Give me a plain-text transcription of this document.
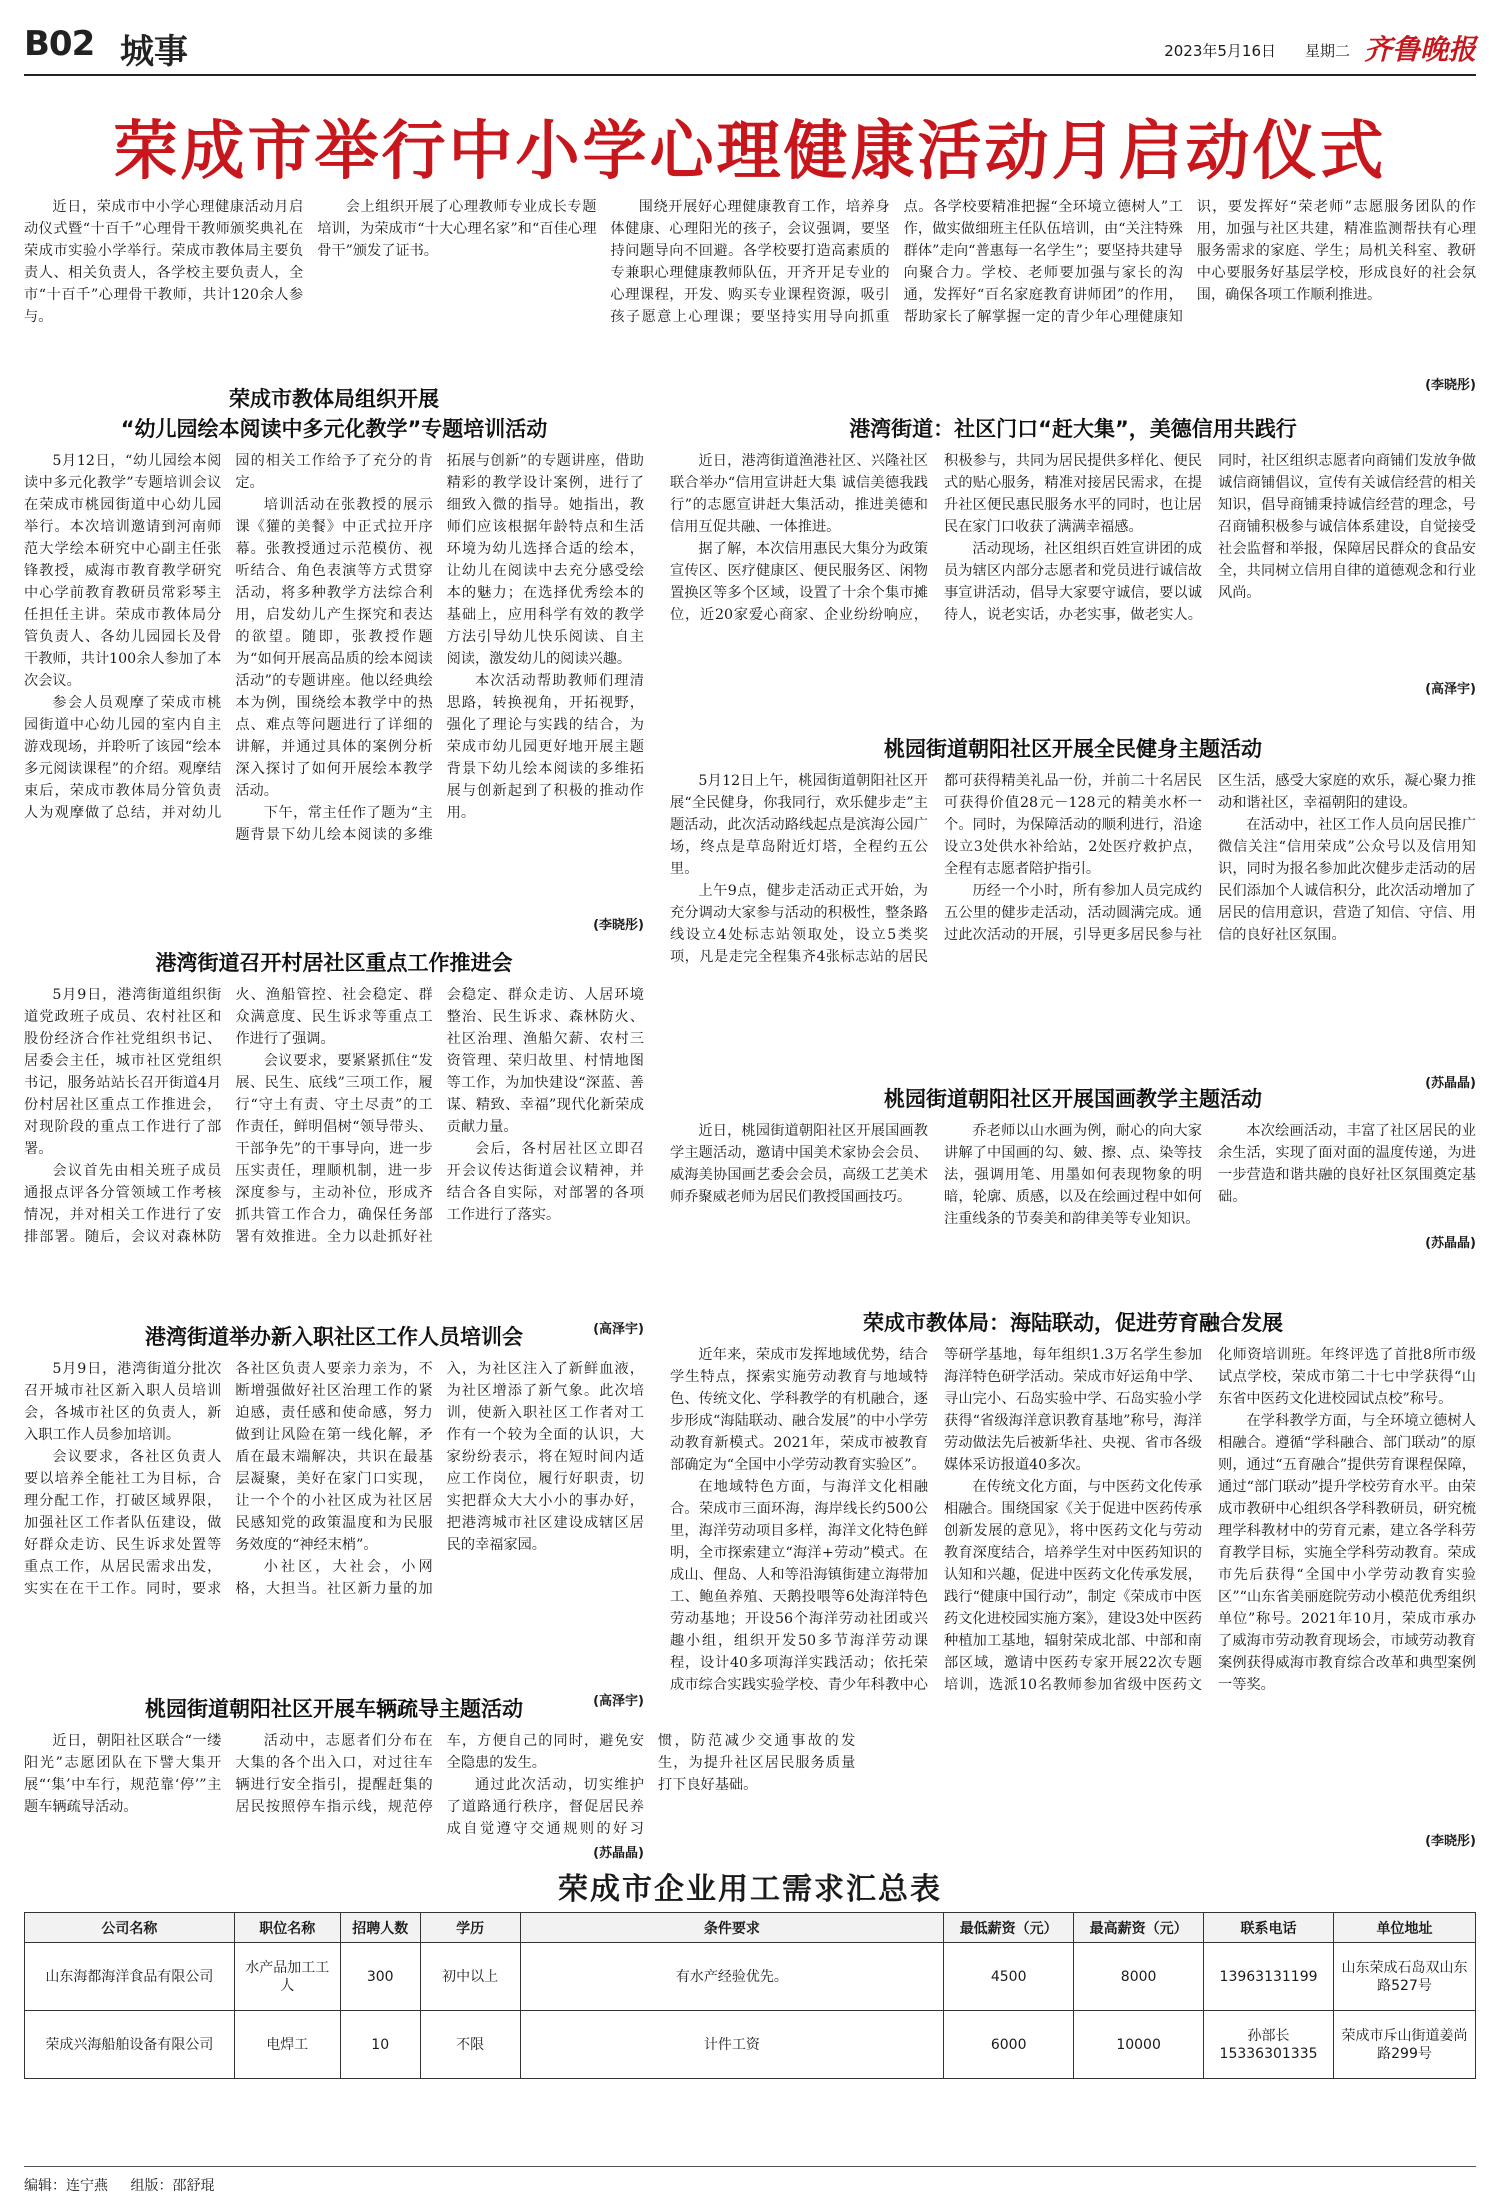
B02 城事	2023年5月16日 星期二 齐鲁晚报
荣成市举行中小学心理健康活动月启动仪式

近日，荣成市中小学心理健康活动月启动仪式暨“十百千”心理骨干教师颁奖典礼在荣成市实验小学举行。荣成市教体局主要负责人、相关负责人，各学校主要负责人，全市“十百千”心理骨干教师，共计120余人参与。

会上组织开展了心理教师专业成长专题培训，为荣成市“十大心理名家”和“百佳心理骨干”颁发了证书。

围绕开展好心理健康教育工作，培养身体健康、心理阳光的孩子，会议强调，要坚持问题导向不回避。各学校要打造高素质的专兼职心理健康教师队伍，开齐开足专业的心理课程，开发、购买专业课程资源，吸引孩子愿意上心理课；要坚持实用导向抓重点。各学校要精准把握“全环境立德树人”工作，做实做细班主任队伍培训，由“关注特殊群体”走向“普惠每一名学生”；要坚持共建导向聚合力。学校、老师要加强与家长的沟通，发挥好“百名家庭教育讲师团”的作用，帮助家长了解掌握一定的青少年心理健康知识，要发挥好“荣老师”志愿服务团队的作用，加强与社区共建，精准监测帮扶有心理服务需求的家庭、学生；局机关科室、教研中心要服务好基层学校，形成良好的社会氛围，确保各项工作顺利推进。

(李晓彤)
荣成市教体局组织开展
“幼儿园绘本阅读中多元化教学”专题培训活动

5月12日，“幼儿园绘本阅读中多元化教学”专题培训会议在荣成市桃园街道中心幼儿园举行。本次培训邀请到河南师范大学绘本研究中心副主任张锋教授，威海市教育教学研究中心学前教育教研员常彩琴主任担任主讲。荣成市教体局分管负责人、各幼儿园园长及骨干教师，共计100余人参加了本次会议。

参会人员观摩了荣成市桃园街道中心幼儿园的室内自主游戏现场，并聆听了该园“绘本多元阅读课程”的介绍。观摩结束后，荣成市教体局分管负责人为观摩做了总结，并对幼儿园的相关工作给予了充分的肯定。

培训活动在张教授的展示课《獾的美餐》中正式拉开序幕。张教授通过示范模仿、视听结合、角色表演等方式贯穿活动，将多种教学方法综合利用，启发幼儿产生探究和表达的欲望。随即，张教授作题为“如何开展高品质的绘本阅读活动”的专题讲座。他以经典绘本为例，围绕绘本教学中的热点、难点等问题进行了详细的讲解，并通过具体的案例分析深入探讨了如何开展绘本教学活动。

下午，常主任作了题为“主题背景下幼儿绘本阅读的多维拓展与创新”的专题讲座，借助精彩的教学设计案例，进行了细致入微的指导。她指出，教师们应该根据年龄特点和生活环境为幼儿选择合适的绘本，让幼儿在阅读中去充分感受绘本的魅力；在选择优秀绘本的基础上，应用科学有效的教学方法引导幼儿快乐阅读、自主阅读，激发幼儿的阅读兴趣。

本次活动帮助教师们理清思路，转换视角，开拓视野，强化了理论与实践的结合，为荣成市幼儿园更好地开展主题背景下幼儿绘本阅读的多维拓展与创新起到了积极的推动作用。

(李晓彤)
港湾街道召开村居社区重点工作推进会

5月9日，港湾街道组织街道党政班子成员、农村社区和股份经济合作社党组织书记、居委会主任，城市社区党组织书记，服务站站长召开街道4月份村居社区重点工作推进会，对现阶段的重点工作进行了部署。

会议首先由相关班子成员通报点评各分管领域工作考核情况，并对相关工作进行了安排部署。随后，会议对森林防火、渔船管控、社会稳定、群众满意度、民生诉求等重点工作进行了强调。

会议要求，要紧紧抓住“发展、民生、底线”三项工作，履行“守土有责、守土尽责”的工作责任，鲜明倡树“领导带头、干部争先”的干事导向，进一步压实责任，理顺机制，进一步深度参与，主动补位，形成齐抓共管工作合力，确保任务部署有效推进。全力以赴抓好社会稳定、群众走访、人居环境整治、民生诉求、森林防火、社区治理、渔船欠薪、农村三资管理、荣归故里、村情地图等工作，为加快建设“深蓝、善谋、精致、幸福”现代化新荣成贡献力量。

会后，各村居社区立即召开会议传达街道会议精神，并结合各自实际，对部署的各项工作进行了落实。

(高泽宇)
港湾街道举办新入职社区工作人员培训会

5月9日，港湾街道分批次召开城市社区新入职人员培训会，各城市社区的负责人，新入职工作人员参加培训。

会议要求，各社区负责人要以培养全能社工为目标，合理分配工作，打破区域界限，加强社区工作者队伍建设，做好群众走访、民生诉求处置等重点工作，从居民需求出发，实实在在干工作。同时，要求各社区负责人要亲力亲为，不断增强做好社区治理工作的紧迫感，责任感和使命感，努力做到让风险在第一线化解，矛盾在最末端解决，共识在最基层凝聚，美好在家门口实现，让一个个的小社区成为社区居民感知党的政策温度和为民服务效度的“神经末梢”。

小社区，大社会，小网格，大担当。社区新力量的加入，为社区注入了新鲜血液，为社区增添了新气象。此次培训，使新入职社区工作者对工作有一个较为全面的认识，大家纷纷表示，将在短时间内适应工作岗位，履行好职责，切实把群众大大小小的事办好，把港湾城市社区建设成辖区居民的幸福家园。

(高泽宇)
桃园街道朝阳社区开展车辆疏导主题活动

近日，朝阳社区联合“一缕阳光”志愿团队在下譬大集开展“‘集’中车行，规范靠‘停’”主题车辆疏导活动。

活动中，志愿者们分布在大集的各个出入口，对过往车辆进行安全指引，提醒赶集的居民按照停车指示线，规范停车，方便自己的同时，避免安全隐患的发生。

通过此次活动，切实维护了道路通行秩序，督促居民养成自觉遵守交通规则的好习惯，防范减少交通事故的发生，为提升社区居民服务质量打下良好基础。

(苏晶晶)
港湾街道：社区门口“赶大集”，美德信用共践行

近日，港湾街道渔港社区、兴隆社区联合举办“信用宣讲赶大集 诚信美德我践行”的志愿宣讲赶大集活动，推进美德和信用互促共融、一体推进。

据了解，本次信用惠民大集分为政策宣传区、医疗健康区、便民服务区、闲物置换区等多个区域，设置了十余个集市摊位，近20家爱心商家、企业纷纷响应，积极参与，共同为居民提供多样化、便民式的贴心服务，精准对接居民需求，在提升社区便民惠民服务水平的同时，也让居民在家门口收获了满满幸福感。

活动现场，社区组织百姓宣讲团的成员为辖区内部分志愿者和党员进行诚信故事宣讲活动，倡导大家要守诚信，要以诚待人，说老实话，办老实事，做老实人。同时，社区组织志愿者向商铺们发放争做诚信商铺倡议，宣传有关诚信经营的相关知识，倡导商铺秉持诚信经营的理念，号召商铺积极参与诚信体系建设，自觉接受社会监督和举报，保障居民群众的食品安全，共同树立信用自律的道德观念和行业风尚。

(高泽宇)
桃园街道朝阳社区开展全民健身主题活动

5月12日上午，桃园街道朝阳社区开展“全民健身，你我同行，欢乐健步走”主题活动，此次活动路线起点是滨海公园广场，终点是草岛附近灯塔，全程约五公里。

上午9点，健步走活动正式开始，为充分调动大家参与活动的积极性，整条路线设立4处标志站领取处，设立5类奖项，凡是走完全程集齐4张标志站的居民都可获得精美礼品一份，并前二十名居民可获得价值28元－128元的精美水杯一个。同时，为保障活动的顺利进行，沿途设立3处供水补给站，2处医疗救护点，全程有志愿者陪护指引。

历经一个小时，所有参加人员完成约五公里的健步走活动，活动圆满完成。通过此次活动的开展，引导更多居民参与社区生活，感受大家庭的欢乐，凝心聚力推动和谐社区，幸福朝阳的建设。

在活动中，社区工作人员向居民推广微信关注“信用荣成”公众号以及信用知识，同时为报名参加此次健步走活动的居民们添加个人诚信积分，此次活动增加了居民的信用意识，营造了知信、守信、用信的良好社区氛围。

(苏晶晶)
桃园街道朝阳社区开展国画教学主题活动

近日，桃园街道朝阳社区开展国画教学主题活动，邀请中国美术家协会会员、威海美协国画艺委会会员，高级工艺美术师乔聚威老师为居民们教授国画技巧。

乔老师以山水画为例，耐心的向大家讲解了中国画的勾、皴、擦、点、染等技法，强调用笔、用墨如何表现物象的明暗，轮廓、质感，以及在绘画过程中如何注重线条的节奏美和韵律美等专业知识。

本次绘画活动，丰富了社区居民的业余生活，实现了面对面的温度传递，为进一步营造和谐共融的良好社区氛围奠定基础。

(苏晶晶)
荣成市教体局：海陆联动，促进劳育融合发展

近年来，荣成市发挥地域优势，结合学生特点，探索实施劳动教育与地域特色、传统文化、学科教学的有机融合，逐步形成“海陆联动、融合发展”的中小学劳动教育新模式。2021年，荣成市被教育部确定为“全国中小学劳动教育实验区”。

在地域特色方面，与海洋文化相融合。荣成市三面环海，海岸线长约500公里，海洋劳动项目多样，海洋文化特色鲜明，全市探索建立“海洋+劳动”模式。在成山、俚岛、人和等沿海镇街建立海带加工、鲍鱼养殖、天鹅投喂等6处海洋特色劳动基地；开设56个海洋劳动社团或兴趣小组，组织开发50多节海洋劳动课程，设计40多项海洋实践活动；依托荣成市综合实践实验学校、青少年科教中心等研学基地，每年组织1.3万名学生参加海洋特色研学活动。荣成市好运角中学、寻山完小、石岛实验中学、石岛实验小学获得“省级海洋意识教育基地”称号，海洋劳动做法先后被新华社、央视、省市各级媒体采访报道40多次。

在传统文化方面，与中医药文化传承相融合。围绕国家《关于促进中医药传承创新发展的意见》，将中医药文化与劳动教育深度结合，培养学生对中医药知识的认知和兴趣，促进中医药文化传承发展，践行“健康中国行动”，制定《荣成市中医药文化进校园实施方案》，建设3处中医药种植加工基地，辐射荣成北部、中部和南部区域，邀请中医药专家开展22次专题培训，选派10名教师参加省级中医药文化师资培训班。年终评选了首批8所市级试点学校，荣成市第二十七中学获得“山东省中医药文化进校园试点校”称号。

在学科教学方面，与全环境立德树人相融合。遵循“学科融合、部门联动”的原则，通过“五育融合”提供劳育课程保障，通过“部门联动”提升学校劳育水平。由荣成市教研中心组织各学科教研员，研究梳理学科教材中的劳育元素，建立各学科劳育教学目标，实施全学科劳动教育。荣成市先后获得“全国中小学劳动教育实验区”“山东省美丽庭院劳动小模范优秀组织单位”称号。2021年10月，荣成市承办了威海市劳动教育现场会，市域劳动教育案例获得威海市教育综合改革和典型案例一等奖。

(李晓彤)
荣成市企业用工需求汇总表
公司名称	职位名称	招聘人数	学历	条件要求	最低薪资（元）	最高薪资（元）	联系电话	单位地址
山东海都海洋食品有限公司	水产品加工工人	300	初中以上	有水产经验优先。	4500	8000	13963131199	山东荣成石岛双山东路527号
荣成兴海船舶设备有限公司	电焊工	10	不限	计件工资	6000	10000	孙部长15336301335	荣成市斥山街道姜尚路299号
编辑：连宁燕 组版：邵舒琨
